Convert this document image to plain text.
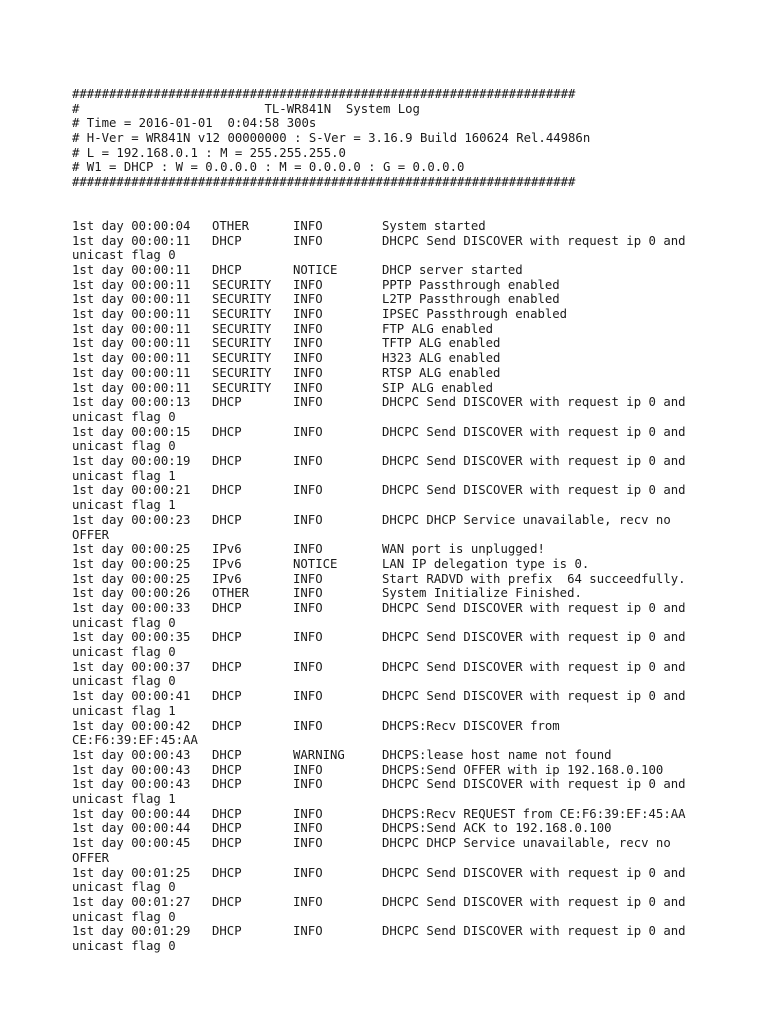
####################################################################
#                         TL-WR841N  System Log
# Time = 2016-01-01  0:04:58 300s
# H-Ver = WR841N v12 00000000 : S-Ver = 3.16.9 Build 160624 Rel.44986n
# L = 192.168.0.1 : M = 255.255.255.0
# W1 = DHCP : W = 0.0.0.0 : M = 0.0.0.0 : G = 0.0.0.0
####################################################################
1st day 00:00:04	OTHER	INFO	System started
1st day 00:00:11	DHCP	INFO	DHCPC Send DISCOVER with request ip 0 and
unicast flag 0
1st day 00:00:11	DHCP	NOTICE	DHCP server started
1st day 00:00:11	SECURITY	INFO	PPTP Passthrough enabled
1st day 00:00:11	SECURITY	INFO	L2TP Passthrough enabled
1st day 00:00:11	SECURITY	INFO	IPSEC Passthrough enabled
1st day 00:00:11	SECURITY	INFO	FTP ALG enabled
1st day 00:00:11	SECURITY	INFO	TFTP ALG enabled
1st day 00:00:11	SECURITY	INFO	H323 ALG enabled
1st day 00:00:11	SECURITY	INFO	RTSP ALG enabled
1st day 00:00:11	SECURITY	INFO	SIP ALG enabled
1st day 00:00:13	DHCP	INFO	DHCPC Send DISCOVER with request ip 0 and
unicast flag 0
1st day 00:00:15	DHCP	INFO	DHCPC Send DISCOVER with request ip 0 and
unicast flag 0
1st day 00:00:19	DHCP	INFO	DHCPC Send DISCOVER with request ip 0 and
unicast flag 1
1st day 00:00:21	DHCP	INFO	DHCPC Send DISCOVER with request ip 0 and
unicast flag 1
1st day 00:00:23	DHCP	INFO	DHCPC DHCP Service unavailable, recv no
OFFER
1st day 00:00:25	IPv6	INFO	WAN port is unplugged!
1st day 00:00:25	IPv6	NOTICE	LAN IP delegation type is 0.
1st day 00:00:25	IPv6	INFO	Start RADVD with prefix  64 succeedfully.
1st day 00:00:26	OTHER	INFO	System Initialize Finished.
1st day 00:00:33	DHCP	INFO	DHCPC Send DISCOVER with request ip 0 and
unicast flag 0
1st day 00:00:35	DHCP	INFO	DHCPC Send DISCOVER with request ip 0 and
unicast flag 0
1st day 00:00:37	DHCP	INFO	DHCPC Send DISCOVER with request ip 0 and
unicast flag 0
1st day 00:00:41	DHCP	INFO	DHCPC Send DISCOVER with request ip 0 and
unicast flag 1
1st day 00:00:42	DHCP	INFO	DHCPS:Recv DISCOVER from
CE:F6:39:EF:45:AA
1st day 00:00:43	DHCP	WARNING	DHCPS:lease host name not found
1st day 00:00:43	DHCP	INFO	DHCPS:Send OFFER with ip 192.168.0.100
1st day 00:00:43	DHCP	INFO	DHCPC Send DISCOVER with request ip 0 and
unicast flag 1
1st day 00:00:44	DHCP	INFO	DHCPS:Recv REQUEST from CE:F6:39:EF:45:AA
1st day 00:00:44	DHCP	INFO	DHCPS:Send ACK to 192.168.0.100
1st day 00:00:45	DHCP	INFO	DHCPC DHCP Service unavailable, recv no
OFFER
1st day 00:01:25	DHCP	INFO	DHCPC Send DISCOVER with request ip 0 and
unicast flag 0
1st day 00:01:27	DHCP	INFO	DHCPC Send DISCOVER with request ip 0 and
unicast flag 0
1st day 00:01:29	DHCP	INFO	DHCPC Send DISCOVER with request ip 0 and
unicast flag 0
